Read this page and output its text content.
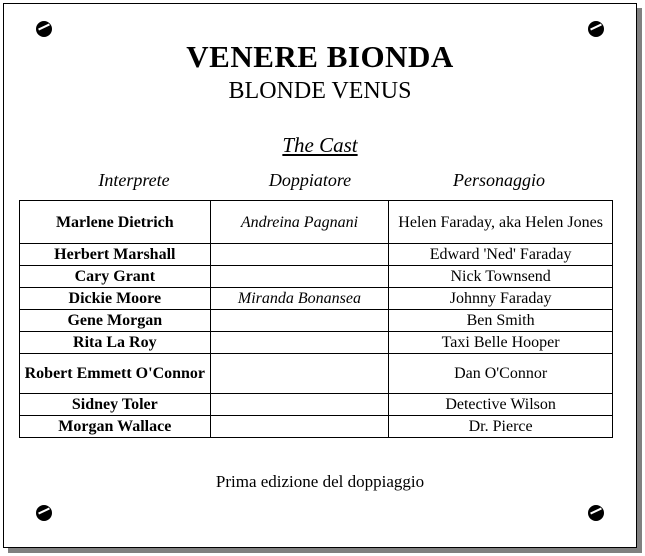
VENERE BIONDA
BLONDE VENUS
The Cast
Interprete	Doppiatore	Personaggio
Marlene Dietrich	Andreina Pagnani	Helen Faraday, aka Helen Jones
Herbert Marshall		Edward 'Ned' Faraday
Cary Grant		Nick Townsend
Dickie Moore	Miranda Bonansea	Johnny Faraday
Gene Morgan		Ben Smith
Rita La Roy		Taxi Belle Hooper
Robert Emmett O'Connor		Dan O'Connor
Sidney Toler		Detective Wilson
Morgan Wallace		Dr. Pierce
Prima edizione del doppiaggio
